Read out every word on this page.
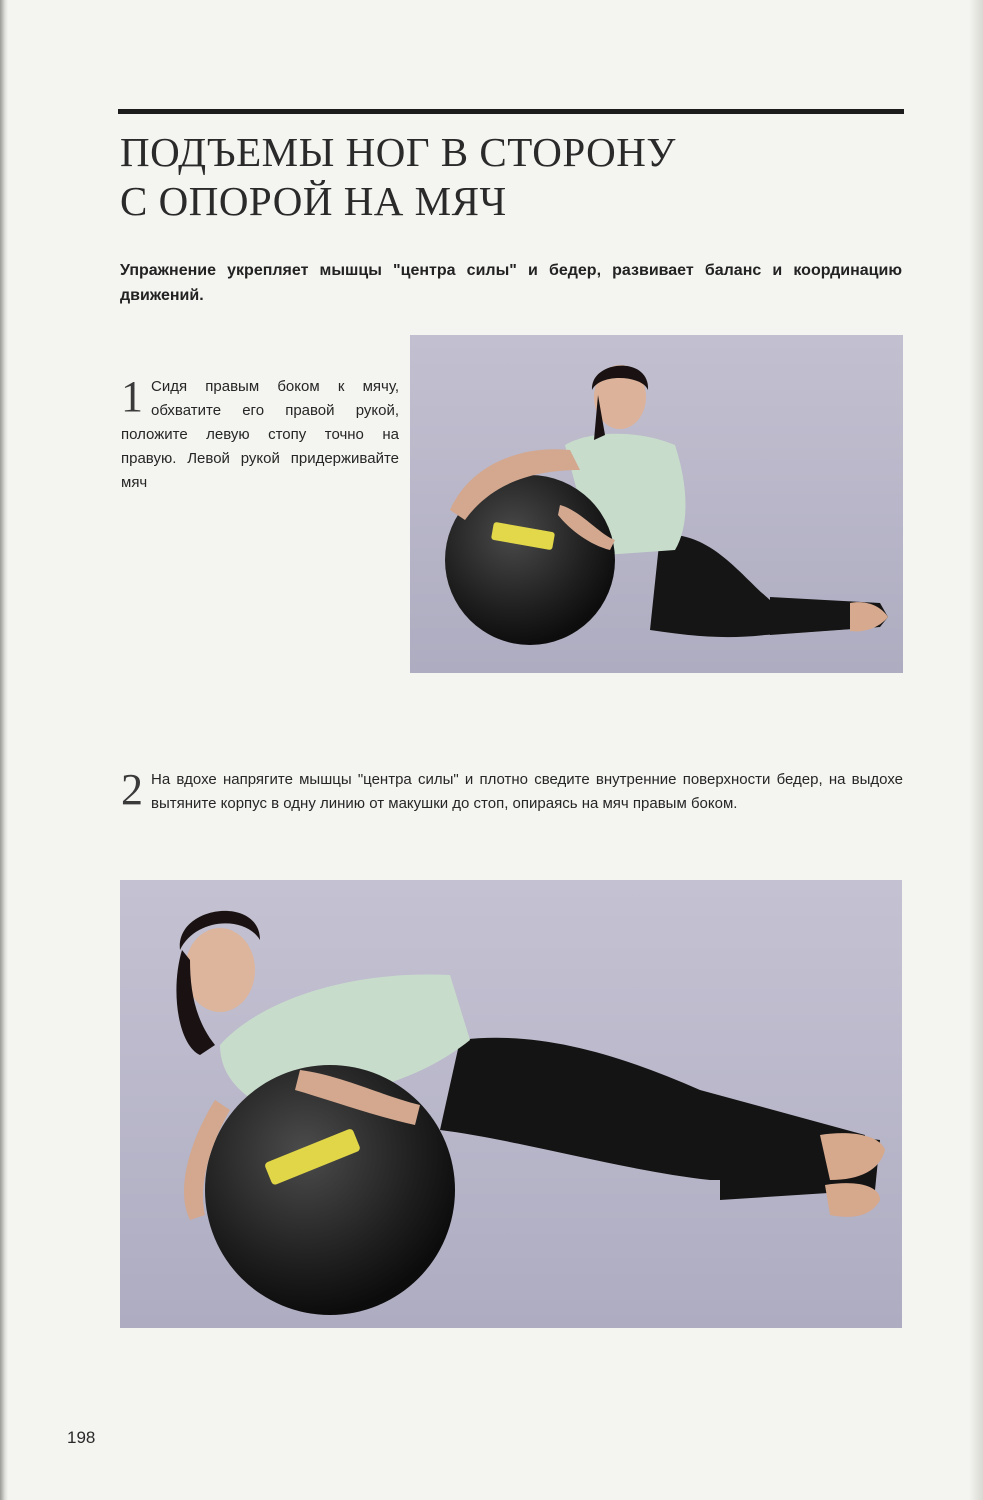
ПОДЪЕМЫ НОГ В СТОРОНУ
С ОПОРОЙ НА МЯЧ

Упражнение укрепляет мышцы "центра силы" и бедер, развивает баланс и координацию движений.

1 Сидя правым боком к мячу, обхватите его правой рукой, положите левую стопу точно на правую. Левой рукой придерживайте мяч

2 На вдохе напрягите мышцы "центра силы" и плотно сведите внутренние поверхности бедер, на выдохе вытяните корпус в одну линию от макушки до стоп, опираясь на мяч правым боком.

198
